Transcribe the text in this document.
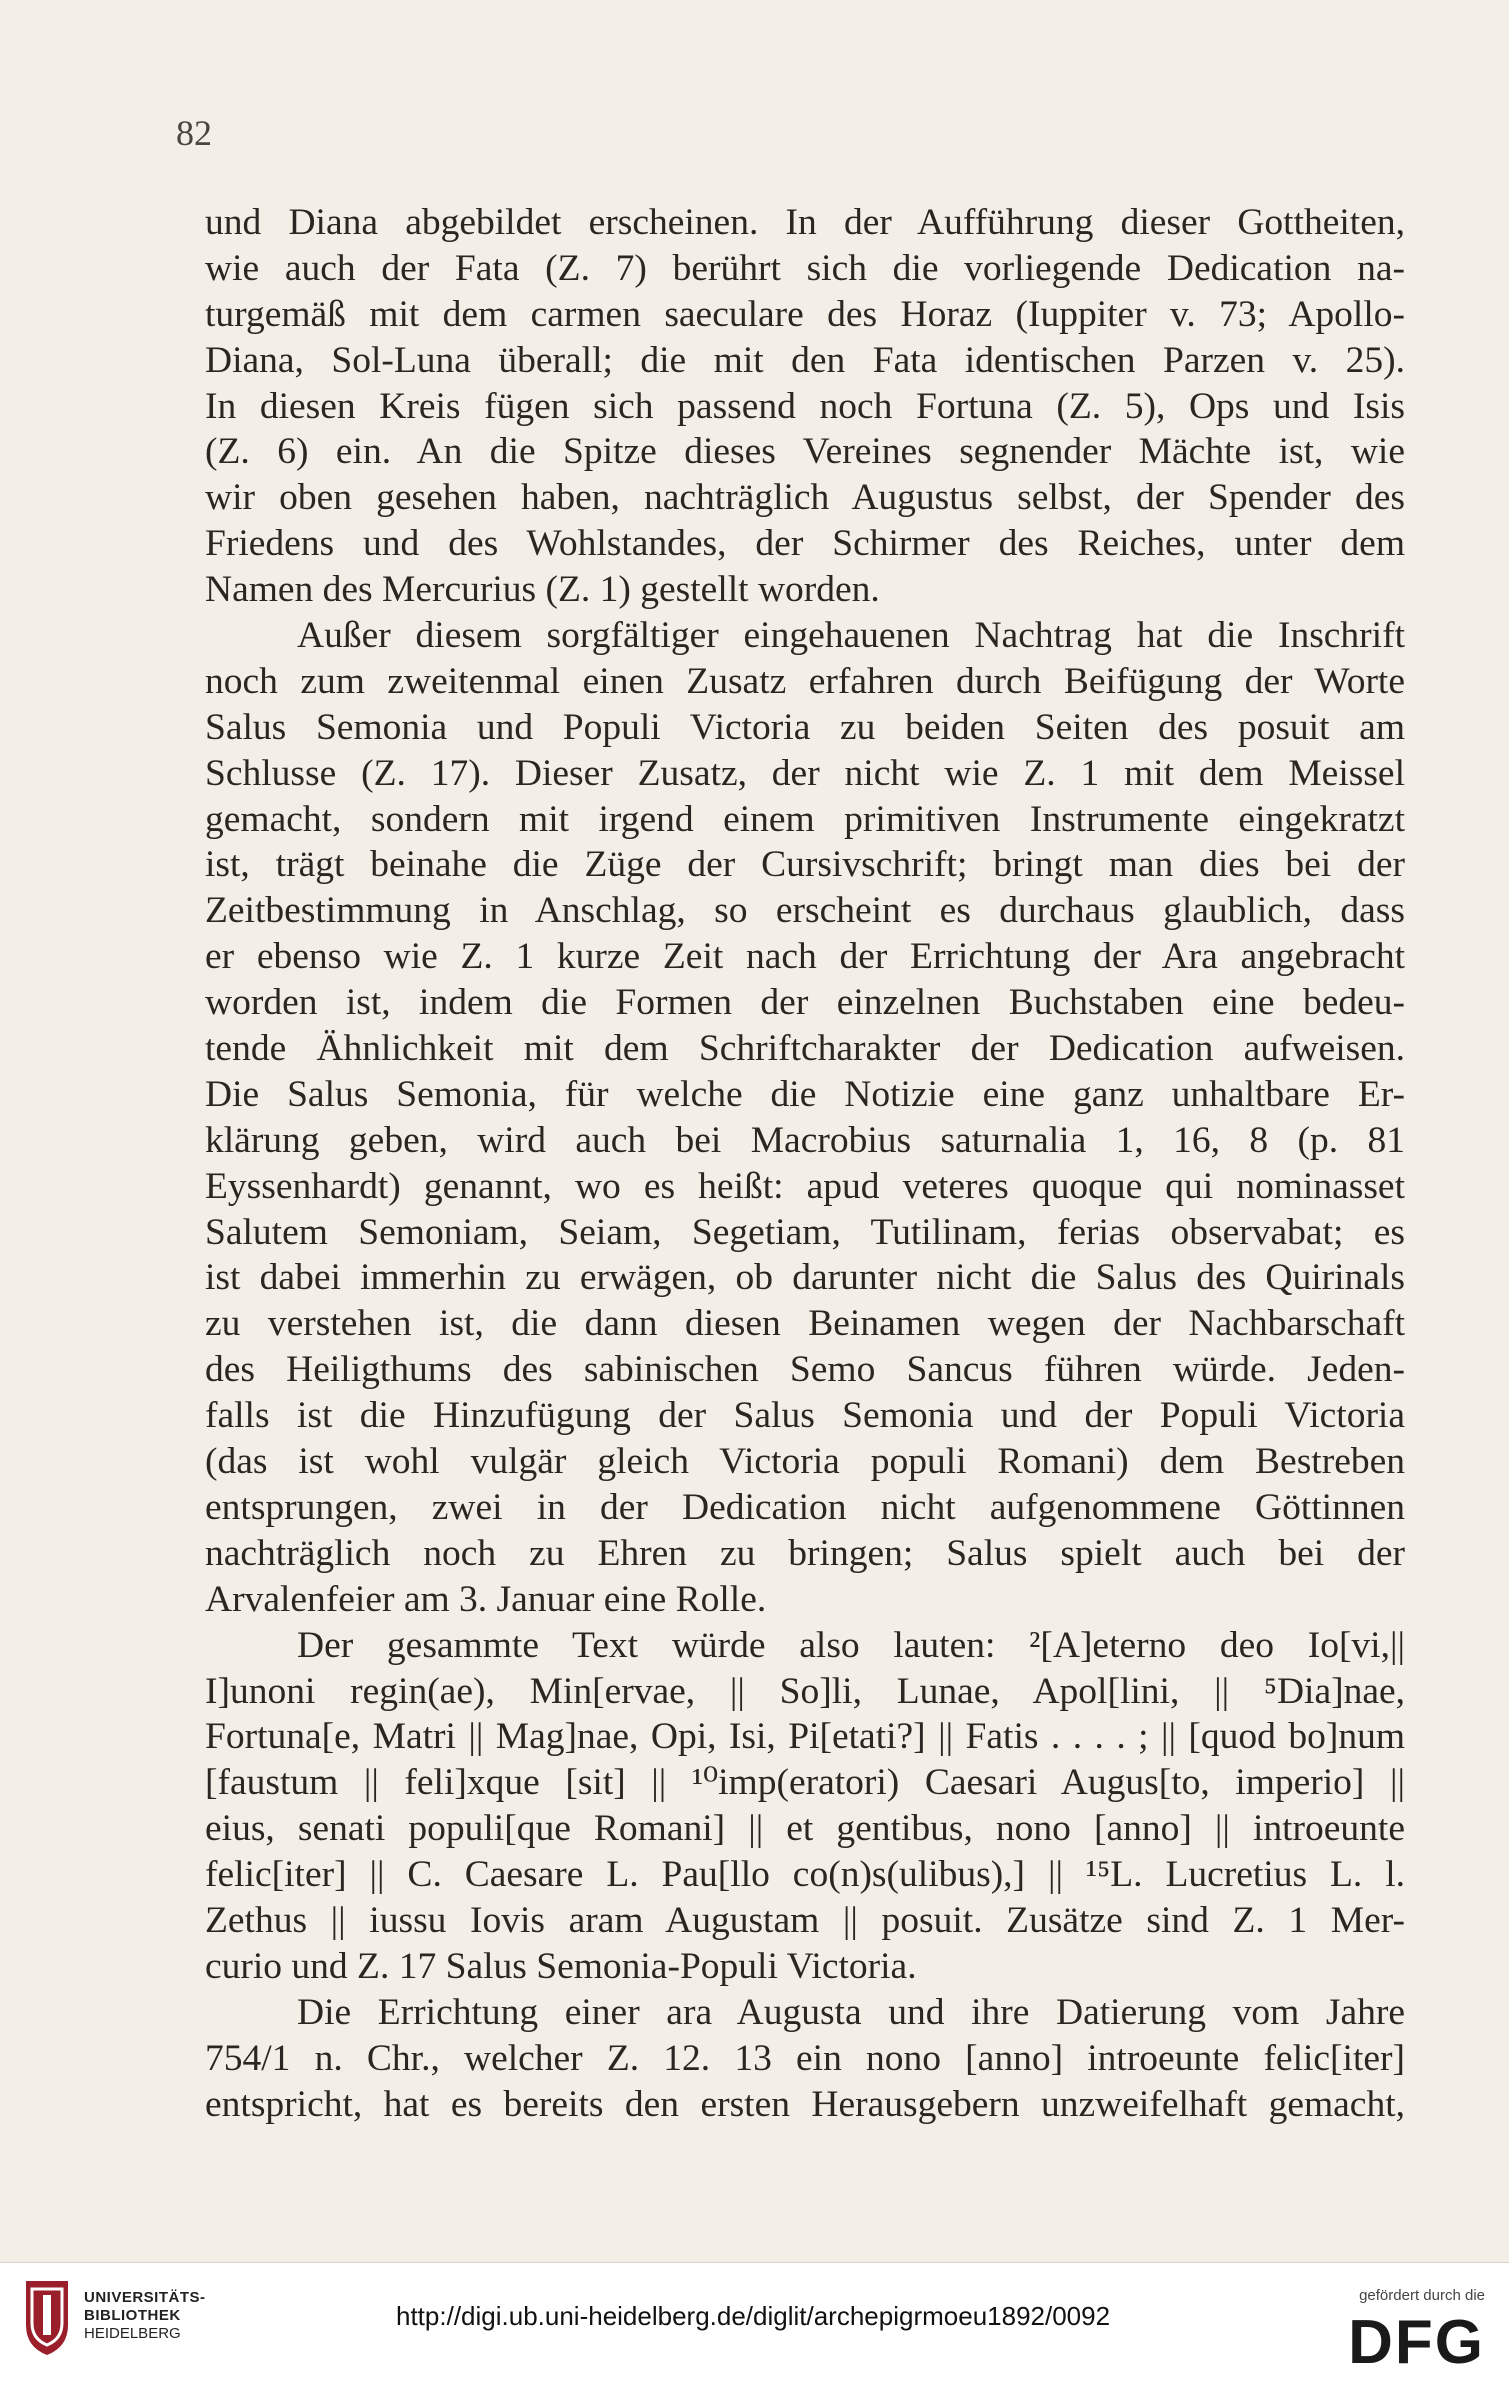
82
und Diana abgebildet erscheinen. In der Aufführung dieser Gottheiten,
wie auch der Fata (Z. 7) berührt sich die vorliegende Dedication na-
turgemäß mit dem carmen saeculare des Horaz (Iuppiter v. 73; Apollo-
Diana, Sol-Luna überall; die mit den Fata identischen Parzen v. 25).
In diesen Kreis fügen sich passend noch Fortuna (Z. 5), Ops und Isis
(Z. 6) ein. An die Spitze dieses Vereines segnender Mächte ist, wie
wir oben gesehen haben, nachträglich Augustus selbst, der Spender des
Friedens und des Wohlstandes, der Schirmer des Reiches, unter dem
Namen des Mercurius (Z. 1) gestellt worden.
Außer diesem sorgfältiger eingehauenen Nachtrag hat die Inschrift
noch zum zweitenmal einen Zusatz erfahren durch Beifügung der Worte
Salus Semonia und Populi Victoria zu beiden Seiten des posuit am
Schlusse (Z. 17). Dieser Zusatz, der nicht wie Z. 1 mit dem Meissel
gemacht, sondern mit irgend einem primitiven Instrumente eingekratzt
ist, trägt beinahe die Züge der Cursivschrift; bringt man dies bei der
Zeitbestimmung in Anschlag, so erscheint es durchaus glaublich, dass
er ebenso wie Z. 1 kurze Zeit nach der Errichtung der Ara angebracht
worden ist, indem die Formen der einzelnen Buchstaben eine bedeu-
tende Ähnlichkeit mit dem Schriftcharakter der Dedication aufweisen.
Die Salus Semonia, für welche die Notizie eine ganz unhaltbare Er-
klärung geben, wird auch bei Macrobius saturnalia 1, 16, 8 (p. 81
Eyssenhardt) genannt, wo es heißt: apud veteres quoque qui nominasset
Salutem Semoniam, Seiam, Segetiam, Tutilinam, ferias observabat; es
ist dabei immerhin zu erwägen, ob darunter nicht die Salus des Quirinals
zu verstehen ist, die dann diesen Beinamen wegen der Nachbarschaft
des Heiligthums des sabinischen Semo Sancus führen würde. Jeden-
falls ist die Hinzufügung der Salus Semonia und der Populi Victoria
(das ist wohl vulgär gleich Victoria populi Romani) dem Bestreben
entsprungen, zwei in der Dedication nicht aufgenommene Göttinnen
nachträglich noch zu Ehren zu bringen; Salus spielt auch bei der
Arvalenfeier am 3. Januar eine Rolle.
Der gesammte Text würde also lauten: ²[A]eterno deo Io[vi,||
I]unoni regin(ae), Min[ervae, || So]li, Lunae, Apol[lini, || ⁵Dia]nae,
Fortuna[e, Matri || Mag]nae, Opi, Isi, Pi[etati?] || Fatis . . . . ; || [quod bo]num
[faustum || feli]xque [sit] || ¹⁰imp(eratori) Caesari Augus[to, imperio] ||
eius, senati populi[que Romani] || et gentibus, nono [anno] || introeunte
felic[iter] || C. Caesare L. Pau[llo co(n)s(ulibus),] || ¹⁵L. Lucretius L. l.
Zethus || iussu Iovis aram Augustam || posuit. Zusätze sind Z. 1 Mer-
curio und Z. 17 Salus Semonia-Populi Victoria.
Die Errichtung einer ara Augusta und ihre Datierung vom Jahre
754/1 n. Chr., welcher Z. 12. 13 ein nono [anno] introeunte felic[iter]
entspricht, hat es bereits den ersten Herausgebern unzweifelhaft gemacht,
UNIVERSITÄTS-
BIBLIOTHEK
HEIDELBERG
http://digi.ub.uni-heidelberg.de/diglit/archepigrmoeu1892/0092
gefördert durch die
DFG
